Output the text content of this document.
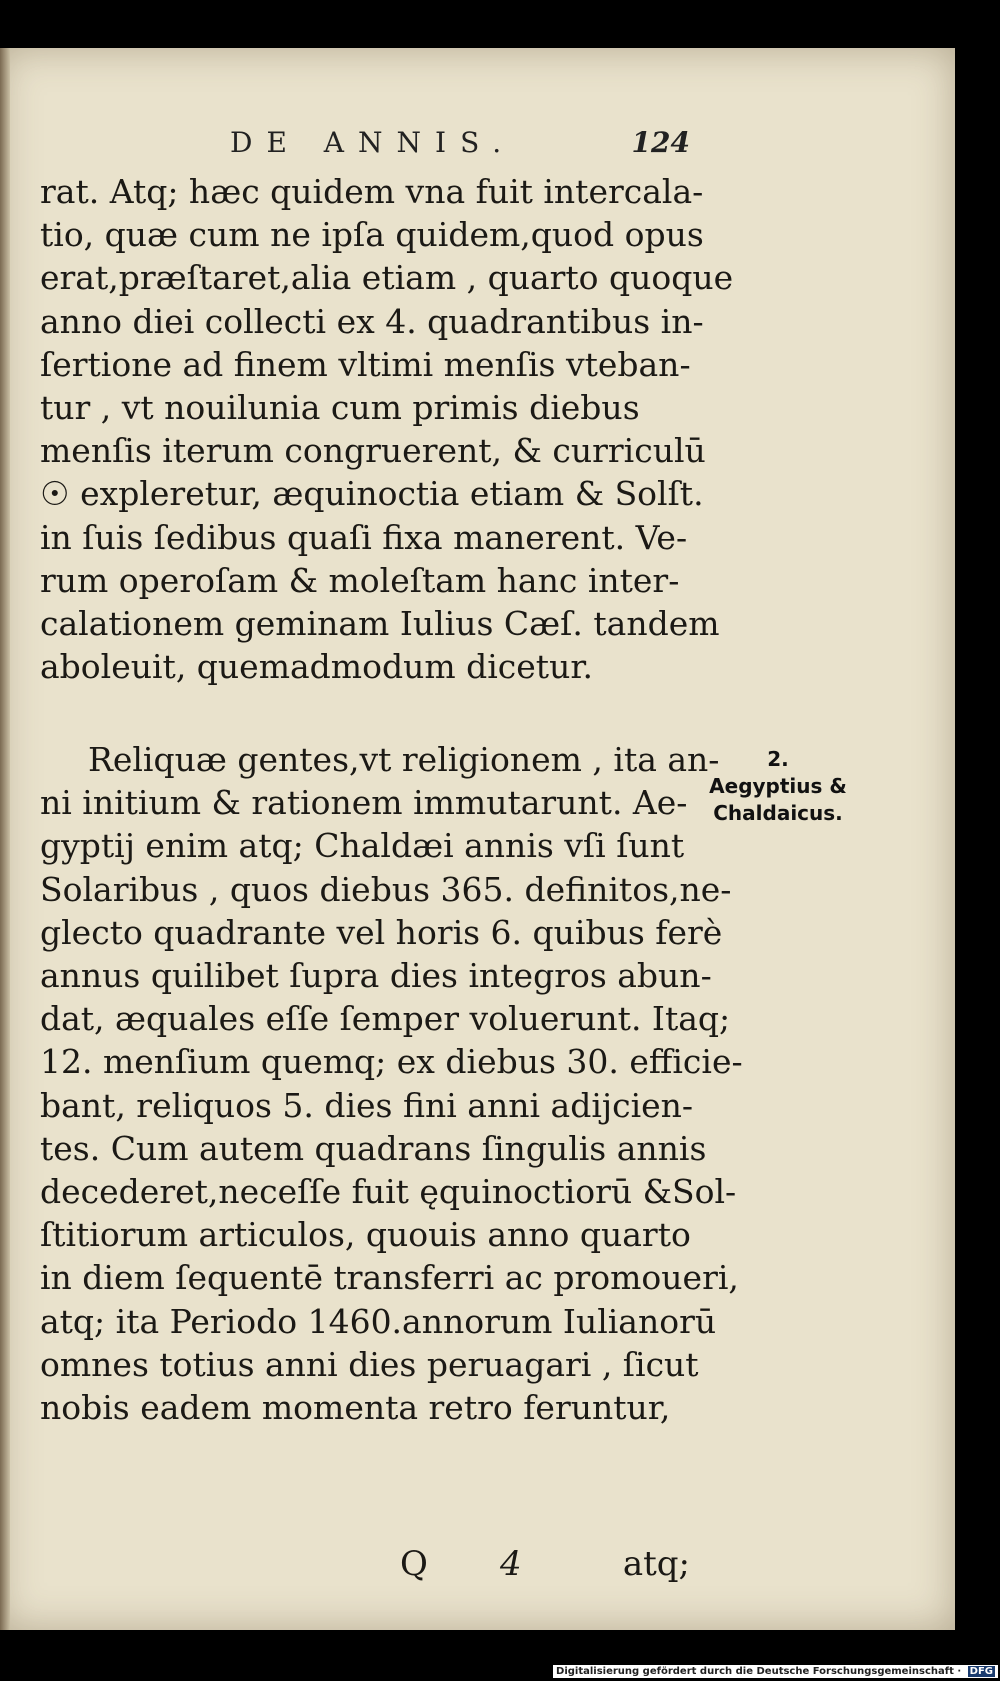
DE ANNIS.	124
rat. Atq; hæc quidem vna fuit intercala-
tio, quæ cum ne ipſa quidem,quod opus
erat,præſtaret,alia etiam , quarto quoque
anno diei collecti ex 4. quadrantibus in-
ſertione ad finem vltimi menſis vteban-
tur , vt nouilunia cum primis diebus
menſis iterum congruerent, & curriculū
☉ expleretur, æquinoctia etiam & Solſt.
in ſuis ſedibus quaſi fixa manerent. Ve-
rum operoſam & moleſtam hanc inter-
calationem geminam Iulius Cæſ. tandem
aboleuit, quemadmodum dicetur.
Reliquæ gentes,vt religionem , ita an-
ni initium & rationem immutarunt. Ae-
gyptij enim atq; Chaldæi annis vſi ſunt
Solaribus , quos diebus 365. definitos,ne-
glecto quadrante vel horis 6. quibus ferè
annus quilibet ſupra dies integros abun-
dat, æquales eſſe ſemper voluerunt. Itaq;
12. menſium quemq; ex diebus 30. efficie-
bant, reliquos 5. dies fini anni adijcien-
tes. Cum autem quadrans ſingulis annis
decederet,neceſſe fuit ęquinoctiorū &Sol-
ſtitiorum articulos, quouis anno quarto
in diem ſequentē transferri ac promoueri,
atq; ita Periodo 1460.annorum Iulianorū
omnes totius anni dies peruagari , ſicut
nobis eadem momenta retro feruntur,
2.
Aegyptius &
Chaldaicus.
Q 4	atq;
Digitalisierung gefördert durch die Deutsche Forschungsgemeinschaft · DFG
